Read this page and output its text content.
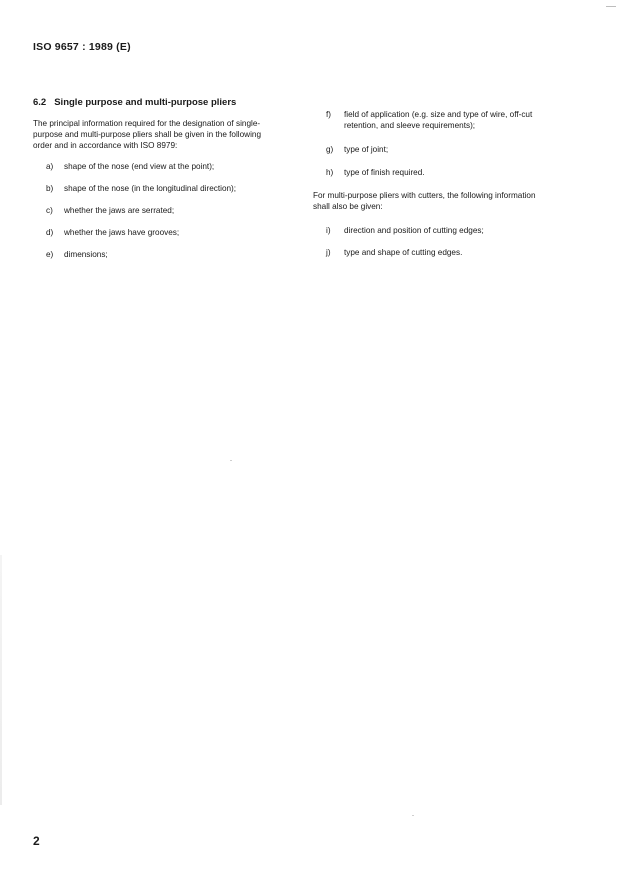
ISO 9657 : 1989 (E)
6.2 Single purpose and multi-purpose pliers
The principal information required for the designation of single-
purpose and multi-purpose pliers shall be given in the following
order and in accordance with ISO 8979:
a) shape of the nose (end view at the point);
b) shape of the nose (in the longitudinal direction);
c) whether the jaws are serrated;
d) whether the jaws have grooves;
e) dimensions;
f) field of application (e.g. size and type of wire, off-cut
retention, and sleeve requirements);
g) type of joint;
h) type of finish required.
For multi-purpose pliers with cutters, the following information
shall also be given:
i) direction and position of cutting edges;
j) type and shape of cutting edges.
2
